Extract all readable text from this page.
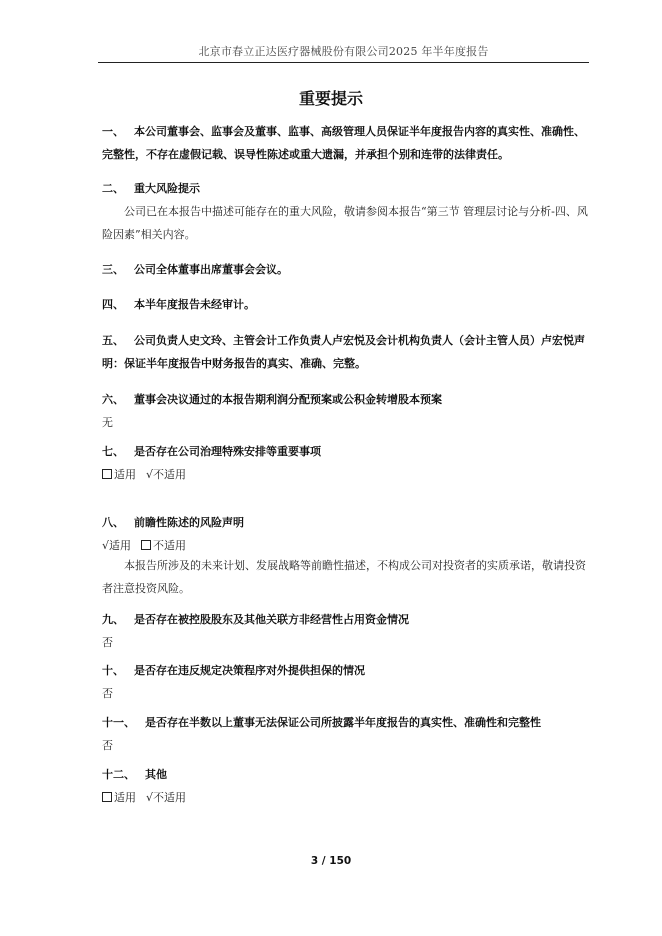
北京市春立正达医疗器械股份有限公司2025 年半年度报告
重要提示
一、 本公司董事会、监事会及董事、监事、高级管理人员保证半年度报告内容的真实性、准确性、完整性，不存在虚假记载、误导性陈述或重大遗漏，并承担个别和连带的法律责任。
二、 重大风险提示
公司已在本报告中描述可能存在的重大风险，敬请参阅本报告“第三节 管理层讨论与分析-四、风险因素”相关内容。
三、 公司全体董事出席董事会会议。
四、 本半年度报告未经审计。
五、 公司负责人史文玲、主管会计工作负责人卢宏悦及会计机构负责人（会计主管人员）卢宏悦声明：保证半年度报告中财务报告的真实、准确、完整。
六、 董事会决议通过的本报告期利润分配预案或公积金转增股本预案
无
七、 是否存在公司治理特殊安排等重要事项
适用 √不适用
八、 前瞻性陈述的风险声明
√适用 不适用
本报告所涉及的未来计划、发展战略等前瞻性描述，不构成公司对投资者的实质承诺，敬请投资者注意投资风险。
九、 是否存在被控股股东及其他关联方非经营性占用资金情况
否
十、 是否存在违反规定决策程序对外提供担保的情况
否
十一、 是否存在半数以上董事无法保证公司所披露半年度报告的真实性、准确性和完整性
否
十二、 其他
适用 √不适用
3 / 150
